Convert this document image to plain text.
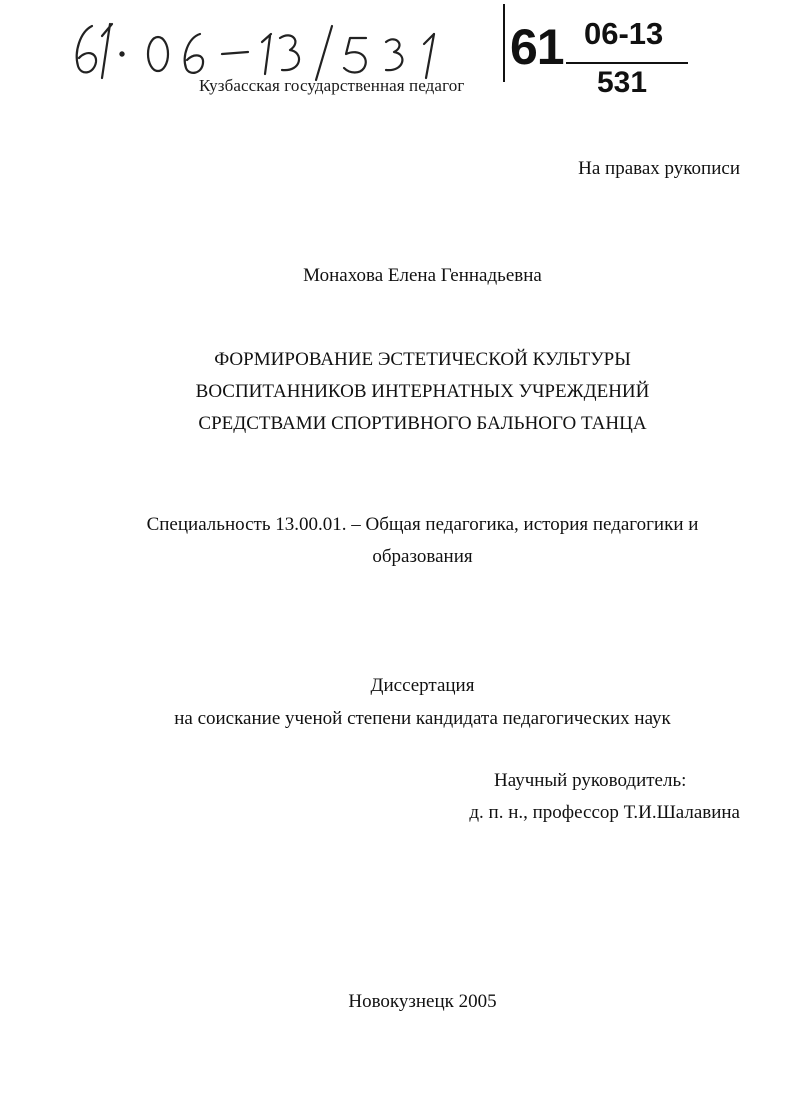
Кузбасская государственная педагог
61 06-13
531
На правах рукописи
Монахова Елена Геннадьевна
ФОРМИРОВАНИЕ ЭСТЕТИЧЕСКОЙ КУЛЬТУРЫ
ВОСПИТАННИКОВ ИНТЕРНАТНЫХ УЧРЕЖДЕНИЙ
СРЕДСТВАМИ СПОРТИВНОГО БАЛЬНОГО ТАНЦА
Специальность 13.00.01. – Общая педагогика, история педагогики и
образования
Диссертация
на соискание ученой степени кандидата педагогических наук
Научный руководитель:
д. п. н., профессор Т.И.Шалавина
Новокузнецк 2005
